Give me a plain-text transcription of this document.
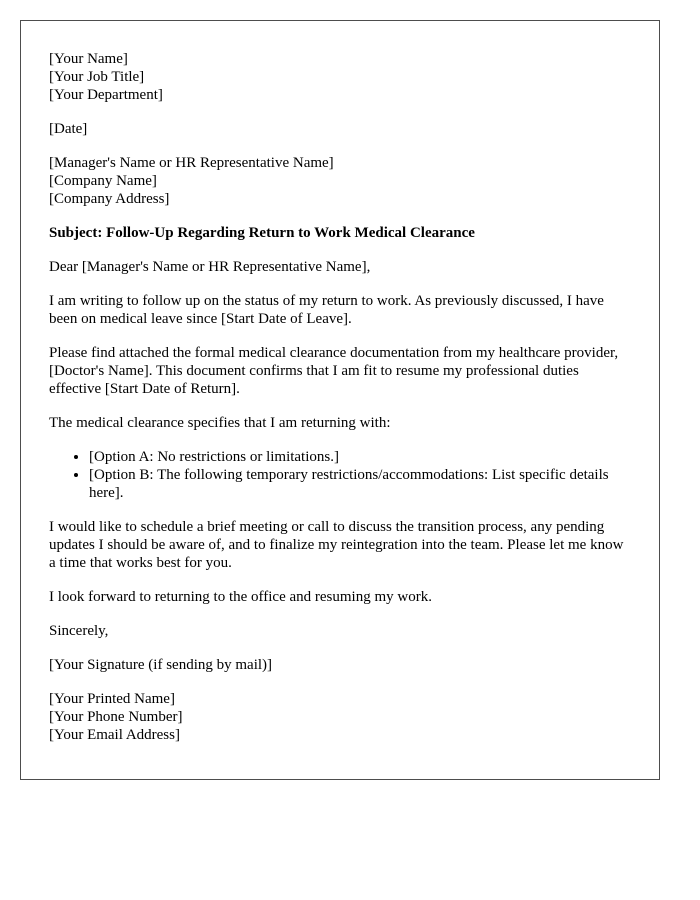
[Your Name]

[Your Job Title]

[Your Department]

[Date]

[Manager's Name or HR Representative Name]

[Company Name]

[Company Address]

Subject: Follow-Up Regarding Return to Work Medical Clearance

Dear [Manager's Name or HR Representative Name],

I am writing to follow up on the status of my return to work. As previously discussed, I have been on medical leave since [Start Date of Leave].

Please find attached the formal medical clearance documentation from my healthcare provider, [Doctor's Name]. This document confirms that I am fit to resume my professional duties effective [Start Date of Return].

The medical clearance specifies that I am returning with:

• [Option A: No restrictions or limitations.]
• [Option B: The following temporary restrictions/accommodations: List specific details here].

I would like to schedule a brief meeting or call to discuss the transition process, any pending updates I should be aware of, and to finalize my reintegration into the team. Please let me know a time that works best for you.

I look forward to returning to the office and resuming my work.

Sincerely,

[Your Signature (if sending by mail)]

[Your Printed Name]

[Your Phone Number]

[Your Email Address]
